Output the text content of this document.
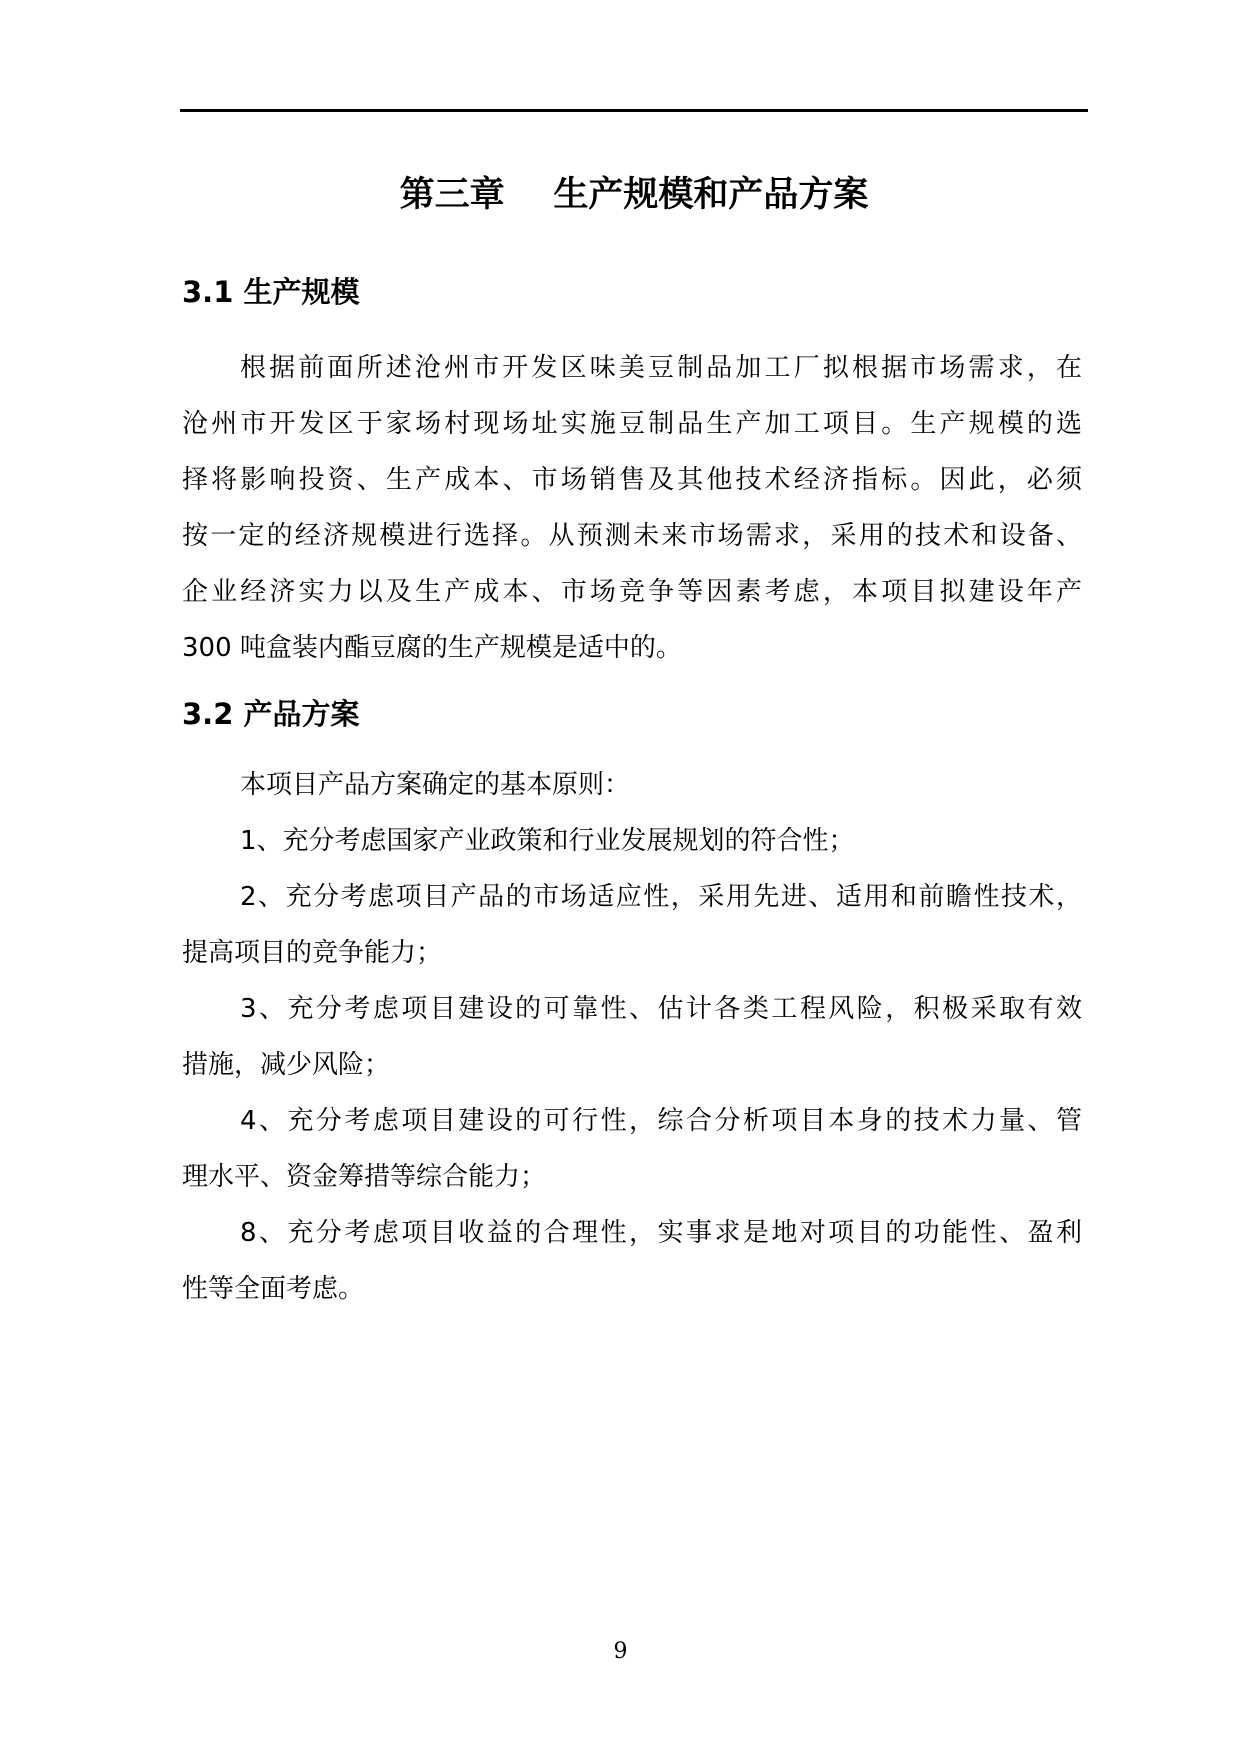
第三章    生产规模和产品方案
3.1 生产规模
根据前面所述沧州市开发区味美豆制品加工厂拟根据市场需求，在
沧州市开发区于家场村现场址实施豆制品生产加工项目。生产规模的选
择将影响投资、生产成本、市场销售及其他技术经济指标。因此，必须
按一定的经济规模进行选择。从预测未来市场需求，采用的技术和设备、
企业经济实力以及生产成本、市场竞争等因素考虑，本项目拟建设年产
300 吨盒装内酯豆腐的生产规模是适中的。
3.2 产品方案
本项目产品方案确定的基本原则：
1、充分考虑国家产业政策和行业发展规划的符合性；
2、充分考虑项目产品的市场适应性，采用先进、适用和前瞻性技术，
提高项目的竞争能力；
3、充分考虑项目建设的可靠性、估计各类工程风险，积极采取有效
措施，减少风险；
4、充分考虑项目建设的可行性，综合分析项目本身的技术力量、管
理水平、资金筹措等综合能力；
8、充分考虑项目收益的合理性，实事求是地对项目的功能性、盈利
性等全面考虑。
9
